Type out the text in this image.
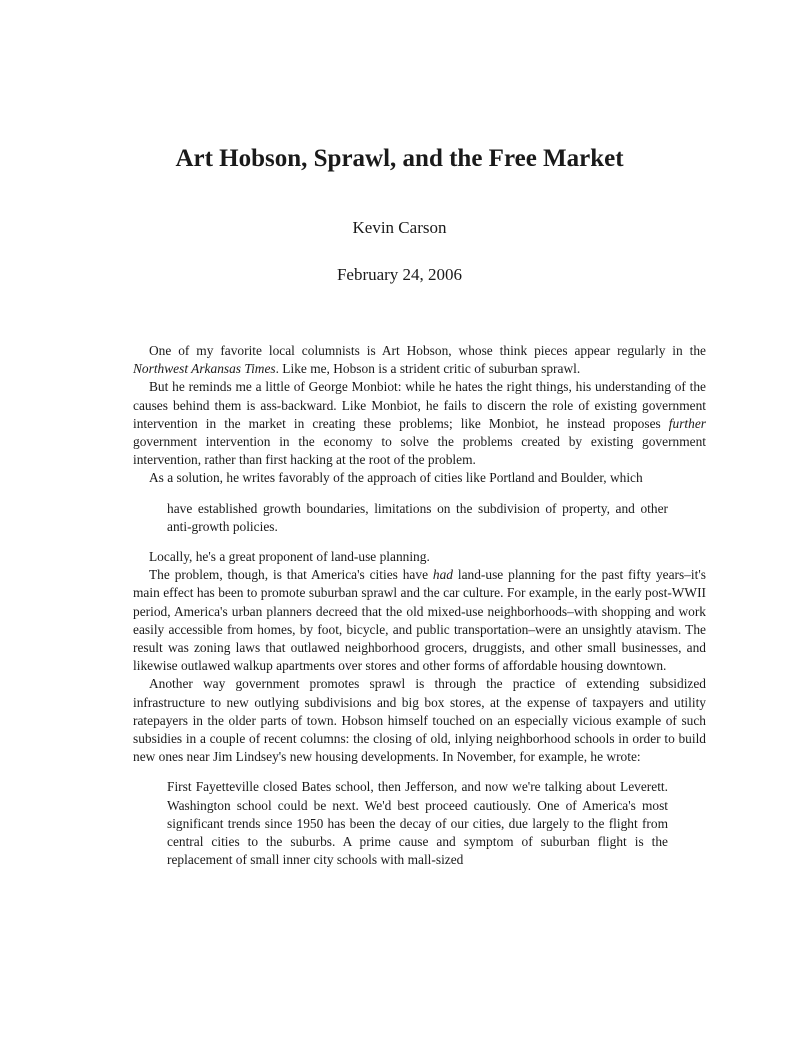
Art Hobson, Sprawl, and the Free Market
Kevin Carson
February 24, 2006

One of my favorite local columnists is Art Hobson, whose think pieces appear regularly in the Northwest Arkansas Times. Like me, Hobson is a strident critic of suburban sprawl.

But he reminds me a little of George Monbiot: while he hates the right things, his understanding of the causes behind them is ass-backward. Like Monbiot, he fails to discern the role of existing government intervention in the market in creating these problems; like Monbiot, he instead proposes further government intervention in the economy to solve the problems created by existing government intervention, rather than first hacking at the root of the problem.

As a solution, he writes favorably of the approach of cities like Portland and Boulder, which

have established growth boundaries, limitations on the subdivision of property, and other anti-growth policies.

Locally, he's a great proponent of land-use planning.

The problem, though, is that America's cities have had land-use planning for the past fifty years–it's main effect has been to promote suburban sprawl and the car culture. For example, in the early post-WWII period, America's urban planners decreed that the old mixed-use neighborhoods–with shopping and work easily accessible from homes, by foot, bicycle, and public transportation–were an unsightly atavism. The result was zoning laws that outlawed neighborhood grocers, druggists, and other small businesses, and likewise outlawed walkup apartments over stores and other forms of affordable housing downtown.

Another way government promotes sprawl is through the practice of extending subsidized infrastructure to new outlying subdivisions and big box stores, at the expense of taxpayers and utility ratepayers in the older parts of town. Hobson himself touched on an especially vicious example of such subsidies in a couple of recent columns: the closing of old, inlying neighborhood schools in order to build new ones near Jim Lindsey's new housing developments. In November, for example, he wrote:

First Fayetteville closed Bates school, then Jefferson, and now we're talking about Leverett. Washington school could be next. We'd best proceed cautiously. One of America's most significant trends since 1950 has been the decay of our cities, due largely to the flight from central cities to the suburbs. A prime cause and symptom of suburban flight is the replacement of small inner city schools with mall-sized
